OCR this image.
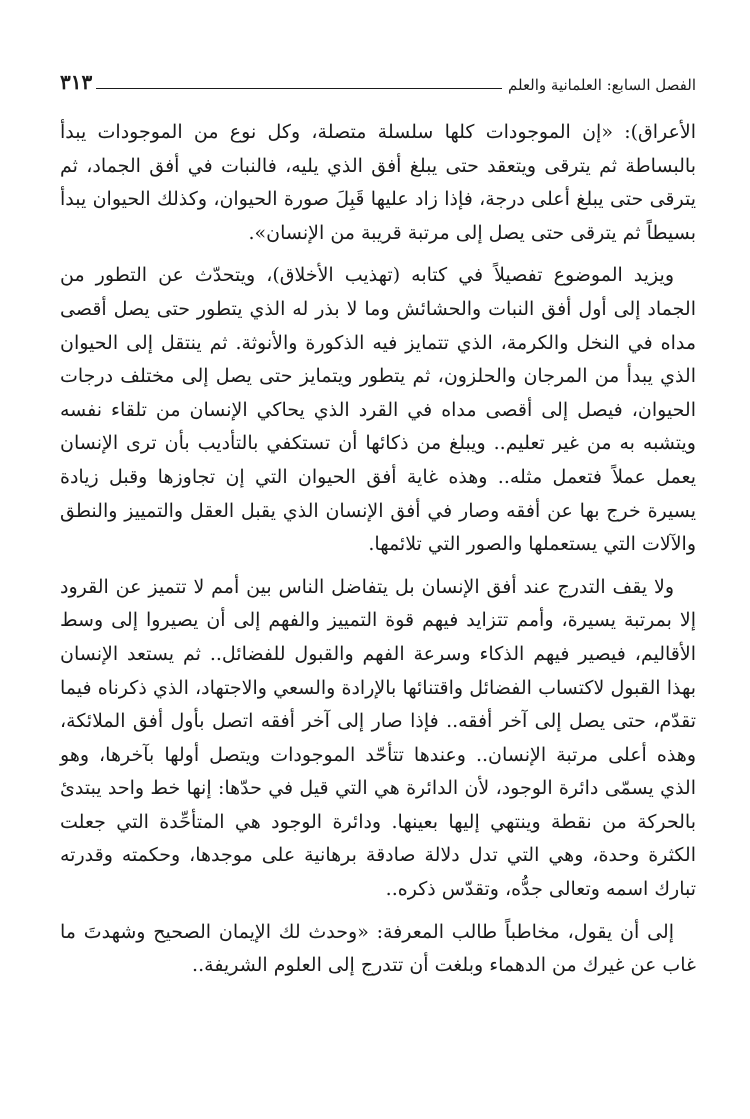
الفصل السابع: العلمانية والعلم
٣١٣

الأعراق): «إن الموجودات كلها سلسلة متصلة، وكل نوع من الموجودات يبدأ بالبساطة ثم يترقى ويتعقد حتى يبلغ أفق الذي يليه، فالنبات في أفق الجماد، ثم يترقى حتى يبلغ أعلى درجة، فإذا زاد عليها قَبِلَ صورة الحيوان، وكذلك الحيوان يبدأ بسيطاً ثم يترقى حتى يصل إلى مرتبة قريبة من الإنسان».

ويزيد الموضوع تفصيلاً في كتابه (تهذيب الأخلاق)، ويتحدّث عن التطور من الجماد إلى أول أفق النبات والحشائش وما لا بذر له الذي يتطور حتى يصل أقصى مداه في النخل والكرمة، الذي تتمايز فيه الذكورة والأنوثة. ثم ينتقل إلى الحيوان الذي يبدأ من المرجان والحلزون، ثم يتطور ويتمايز حتى يصل إلى مختلف درجات الحيوان، فيصل إلى أقصى مداه في القرد الذي يحاكي الإنسان من تلقاء نفسه ويتشبه به من غير تعليم.. ويبلغ من ذكائها أن تستكفي بالتأديب بأن ترى الإنسان يعمل عملاً فتعمل مثله.. وهذه غاية أفق الحيوان التي إن تجاوزها وقبل زيادة يسيرة خرج بها عن أفقه وصار في أفق الإنسان الذي يقبل العقل والتمييز والنطق والآلات التي يستعملها والصور التي تلائمها.

ولا يقف التدرج عند أفق الإنسان بل يتفاضل الناس بين أمم لا تتميز عن القرود إلا بمرتبة يسيرة، وأمم تتزايد فيهم قوة التمييز والفهم إلى أن يصيروا إلى وسط الأقاليم، فيصير فيهم الذكاء وسرعة الفهم والقبول للفضائل.. ثم يستعد الإنسان بهذا القبول لاكتساب الفضائل واقتنائها بالإرادة والسعي والاجتهاد، الذي ذكرناه فيما تقدّم، حتى يصل إلى آخر أفقه.. فإذا صار إلى آخر أفقه اتصل بأول أفق الملائكة، وهذه أعلى مرتبة الإنسان.. وعندها تتأحّد الموجودات ويتصل أولها بآخرها، وهو الذي يسمّى دائرة الوجود، لأن الدائرة هي التي قيل في حدّها: إنها خط واحد يبتدئ بالحركة من نقطة وينتهي إليها بعينها. ودائرة الوجود هي المتأحِّدة التي جعلت الكثرة وحدة، وهي التي تدل دلالة صادقة برهانية على موجدها، وحكمته وقدرته تبارك اسمه وتعالى جدُّه، وتقدّس ذكره..

إلى أن يقول، مخاطباً طالب المعرفة: «وحدث لك الإيمان الصحيح وشهدتَ ما غاب عن غيرك من الدهماء وبلغت أن تتدرج إلى العلوم الشريفة..
